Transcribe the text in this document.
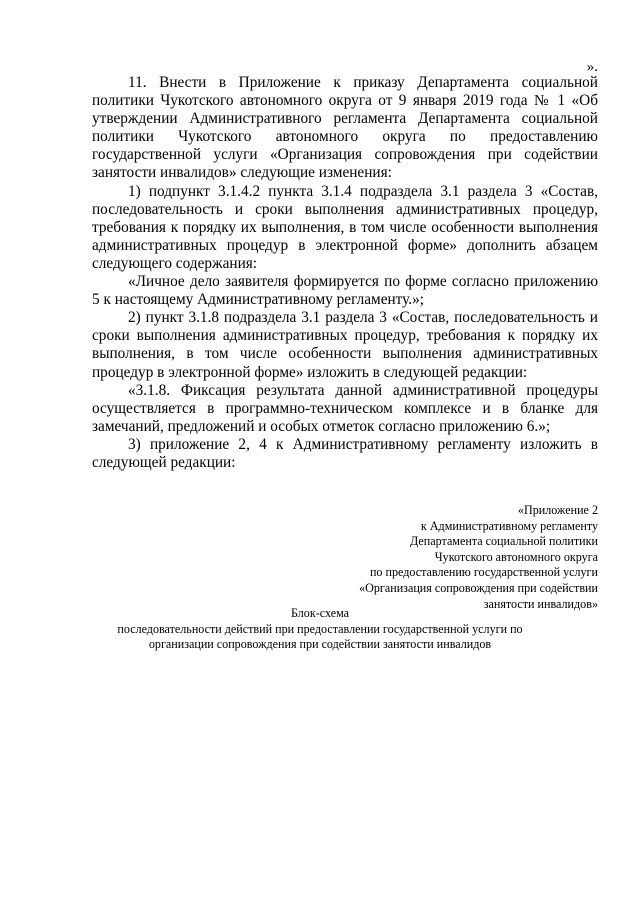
».

11. Внести в Приложение к приказу Департамента социальной политики Чукотского автономного округа от 9 января 2019 года № 1 «Об утверждении Административного регламента Департамента социальной политики Чукотского автономного округа по предоставлению государственной услуги «Организация сопровождения при содействии занятости инвалидов» следующие изменения:

1) подпункт 3.1.4.2 пункта 3.1.4 подраздела 3.1 раздела 3 «Состав, последовательность и сроки выполнения административных процедур, требования к порядку их выполнения, в том числе особенности выполнения административных процедур в электронной форме» дополнить абзацем следующего содержания:

«Личное дело заявителя формируется по форме согласно приложению 5 к настоящему Административному регламенту.»;

2) пункт 3.1.8 подраздела 3.1 раздела 3 «Состав, последовательность и сроки выполнения административных процедур, требования к порядку их выполнения, в том числе особенности выполнения административных процедур в электронной форме» изложить в следующей редакции:

«3.1.8. Фиксация результата данной административной процедуры осуществляется в программно-техническом комплексе и в бланке для замечаний, предложений и особых отметок согласно приложению 6.»;

3) приложение 2, 4 к Административному регламенту изложить в следующей редакции:

«Приложение 2
к Административному регламенту
Департамента социальной политики
Чукотского автономного округа
по предоставлению государственной услуги
«Организация сопровождения при содействии
занятости инвалидов»
Блок-схема
последовательности действий при предоставлении государственной услуги по
организации сопровождения при содействии занятости инвалидов
